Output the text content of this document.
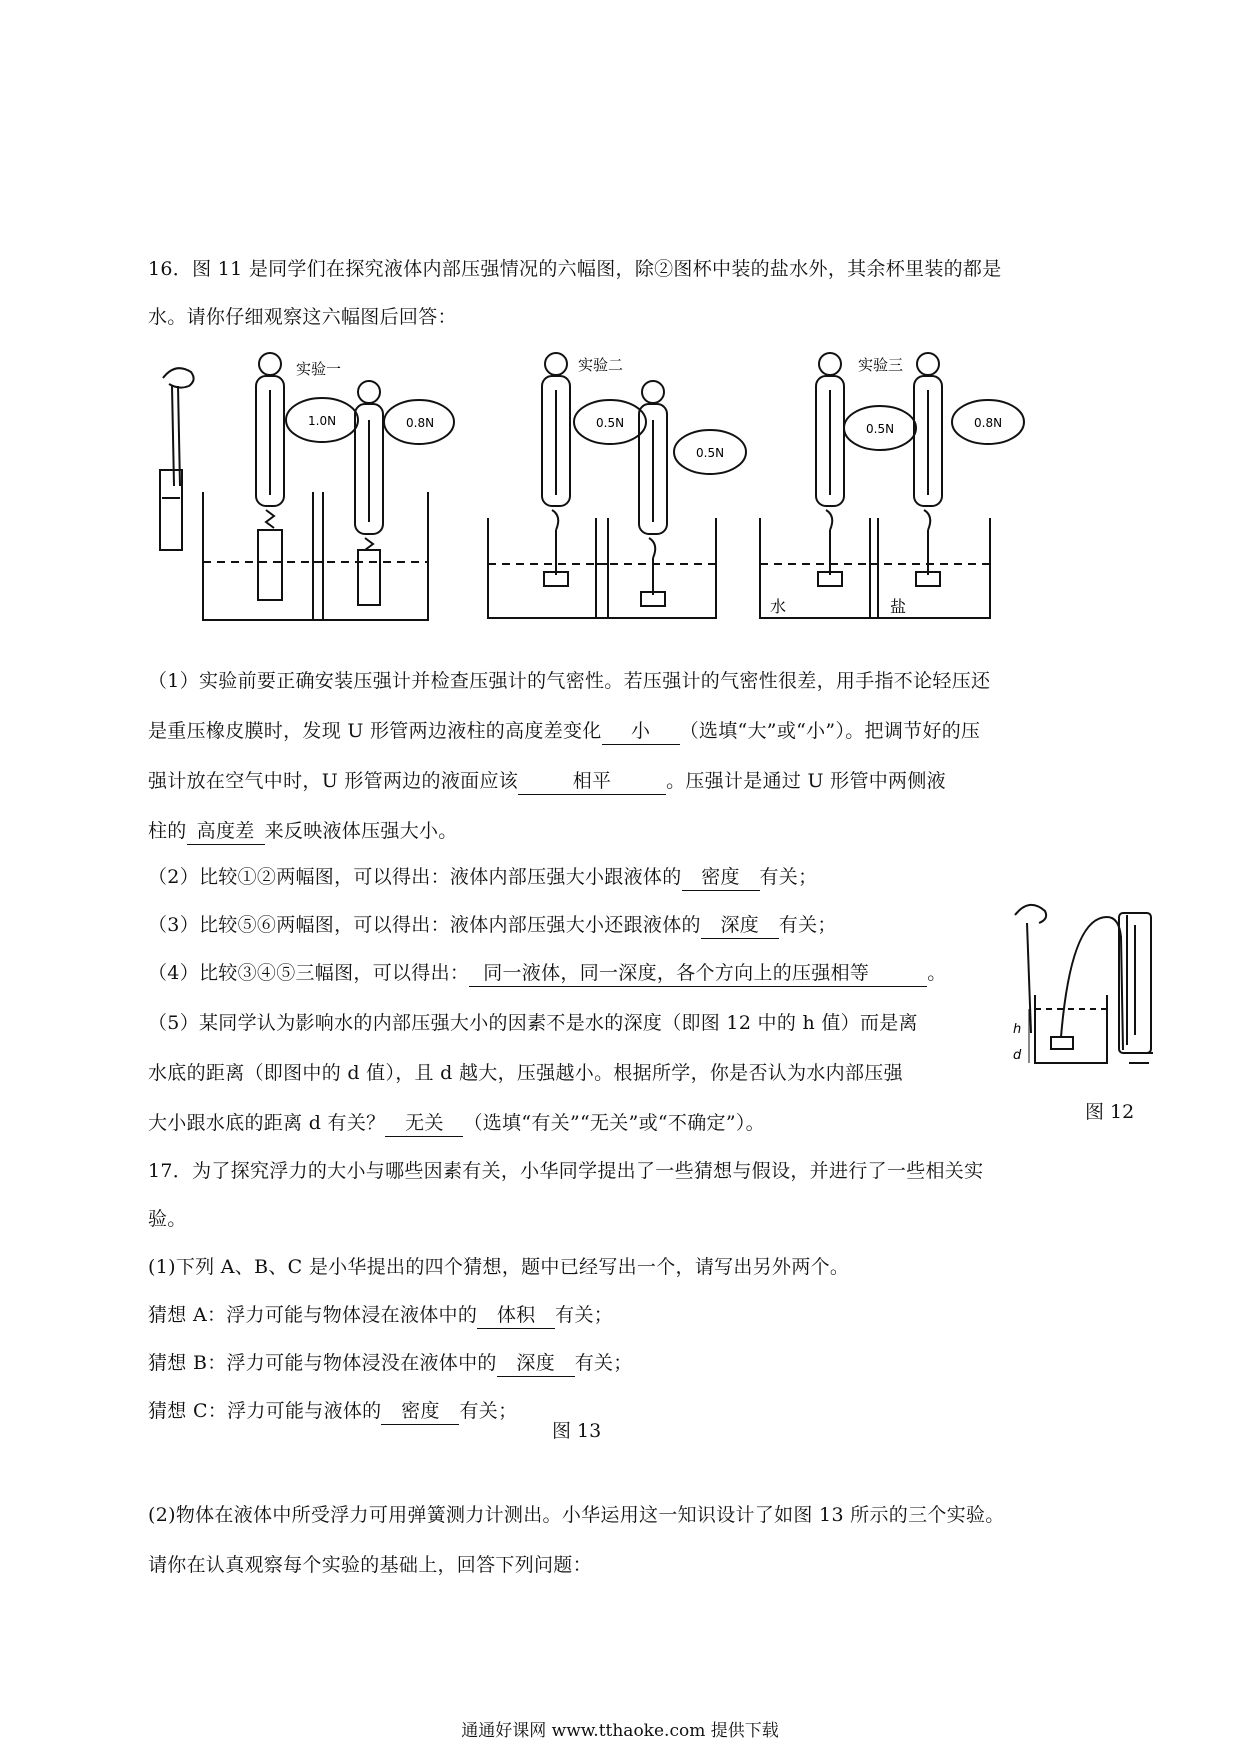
16．图 11 是同学们在探究液体内部压强情况的六幅图，除②图杯中装的盐水外，其余杯里装的都是
水。请你仔细观察这六幅图后回答：
实验一	实验二	实验三
1.0N	0.8N	0.5N
0.5N
0.5N	0.8N
水	盐
（1）实验前要正确安装压强计并检查压强计的气密性。若压强计的气密性很差，用手指不论轻压还
是重压橡皮膜时，发现 U 形管两边液柱的高度差变化 小 （选填“大”或“小”）。把调节好的压
强计放在空气中时，U 形管两边的液面应该	相平	。压强计是通过 U 形管中两侧液
柱的 高度差 来反映液体压强大小。
（2）比较①②两幅图，可以得出：液体内部压强大小跟液体的 密度 有关；
（3）比较⑤⑥两幅图，可以得出：液体内部压强大小还跟液体的 深度 有关；
（4）比较③④⑤三幅图，可以得出： 同一液体，同一深度，各个方向上的压强相等	。
（5）某同学认为影响水的内部压强大小的因素不是水的深度（即图 12 中的 h 值）而是离
水底的距离（即图中的 d 值），且 d 越大，压强越小。根据所学，你是否认为水内部压强
大小跟水底的距离 d 有关？ 无关 （选填“有关”“无关”或“不确定”）。
h
d
图 12
17．为了探究浮力的大小与哪些因素有关，小华同学提出了一些猜想与假设，并进行了一些相关实
验。
(1)下列 A、B、C 是小华提出的四个猜想，题中已经写出一个，请写出另外两个。
猜想 A：浮力可能与物体浸在液体中的 体积 有关；
猜想 B：浮力可能与物体浸没在液体中的 深度 有关；
猜想 C：浮力可能与液体的 密度 有关；
图 13
(2)物体在液体中所受浮力可用弹簧测力计测出。小华运用这一知识设计了如图 13 所示的三个实验。
请你在认真观察每个实验的基础上，回答下列问题：
通通好课网 www.tthaoke.com 提供下载
